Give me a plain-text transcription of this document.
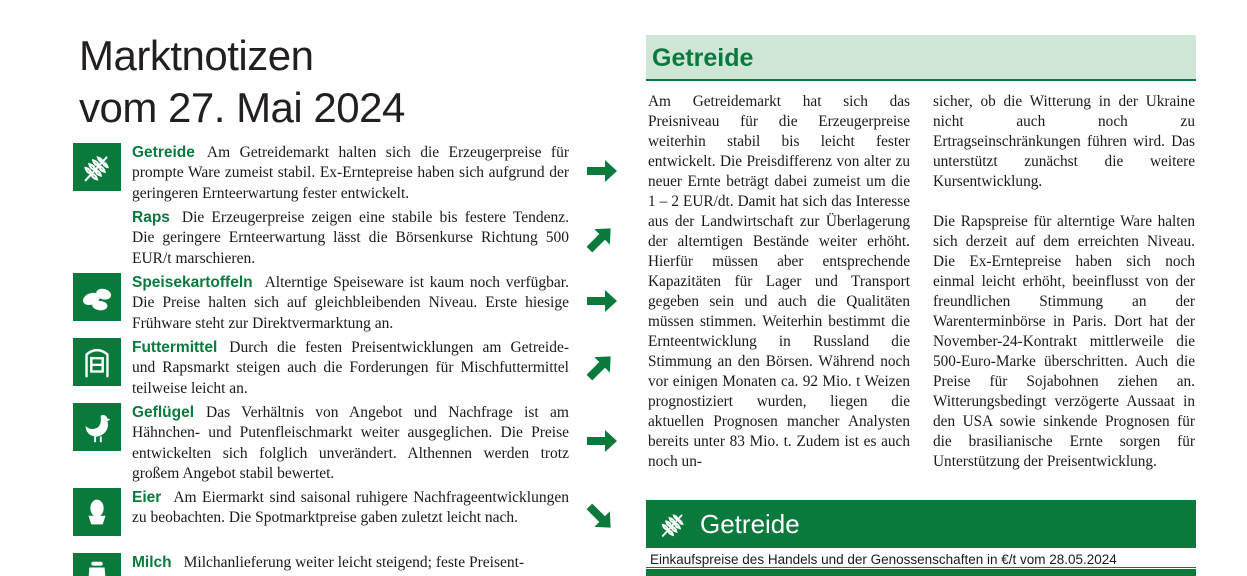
Marktnotizen
vom 27. Mai 2024
Getreide Am Getreidemarkt halten sich die Erzeugerpreise für prompte Ware zumeist stabil. Ex-Erntepreise haben sich aufgrund der geringeren Ernteerwartung fester entwickelt.
Raps Die Erzeugerpreise zeigen eine stabile bis festere Tendenz. Die geringere Ernteerwartung lässt die Börsenkurse Richtung 500 EUR/t marschieren.
Speisekartoffeln Alterntige Speiseware ist kaum noch verfügbar. Die Preise halten sich auf gleichbleibenden Niveau. Erste hiesige Frühware steht zur Direktvermarktung an.
Futtermittel Durch die festen Preisentwicklungen am Getreide- und Rapsmarkt steigen auch die Forderungen für Mischfuttermittel teilweise leicht an.
Geflügel Das Verhältnis von Angebot und Nachfrage ist am Hähnchen- und Putenfleischmarkt weiter ausgeglichen. Die Preise entwickelten sich folglich unverändert. Althennen werden trotz großem Angebot stabil bewertet.
Eier Am Eiermarkt sind saisonal ruhigere Nachfrageentwicklungen zu beobachten. Die Spotmarktpreise gaben zuletzt leicht nach.
Milch Milchanlieferung weiter leicht steigend; feste Preisent-
Getreide

Am Getreidemarkt hat sich das Preisniveau für die Erzeugerpreise weiterhin stabil bis leicht fester entwickelt. Die Preisdifferenz von alter zu neuer Ernte beträgt dabei zumeist um die 1 – 2 EUR/dt. Damit hat sich das Interesse aus der Landwirtschaft zur Überlagerung der alterntigen Bestände weiter erhöht. Hierfür müssen aber entsprechende Kapazitäten für Lager und Transport gegeben sein und auch die Qualitäten müssen stimmen. Weiterhin bestimmt die Ernteentwicklung in Russland die Stimmung an den Börsen. Während noch vor einigen Monaten ca. 92 Mio. t Weizen prognostiziert wurden, liegen die aktuellen Prognosen mancher Analysten bereits unter 83 Mio. t. Zudem ist es auch noch un-

sicher, ob die Witterung in der Ukraine nicht auch noch zu Ertragseinschränkungen führen wird. Das unterstützt zunächst die weitere Kursentwicklung.

Die Rapspreise für alterntige Ware halten sich derzeit auf dem erreichten Niveau. Die Ex-Erntepreise haben sich noch einmal leicht erhöht, beeinflusst von der freundlichen Stimmung an der Warenterminbörse in Paris. Dort hat der November-24-Kontrakt mittlerweile die 500-Euro-Marke überschritten. Auch die Preise für Sojabohnen ziehen an. Witterungsbedingt verzögerte Aussaat in den USA sowie sinkende Prognosen für die brasilianische Ernte sorgen für Unterstützung der Preisentwicklung.

Getreide
Einkaufspreise des Handels und der Genossenschaften in €/t vom 28.05.2024
